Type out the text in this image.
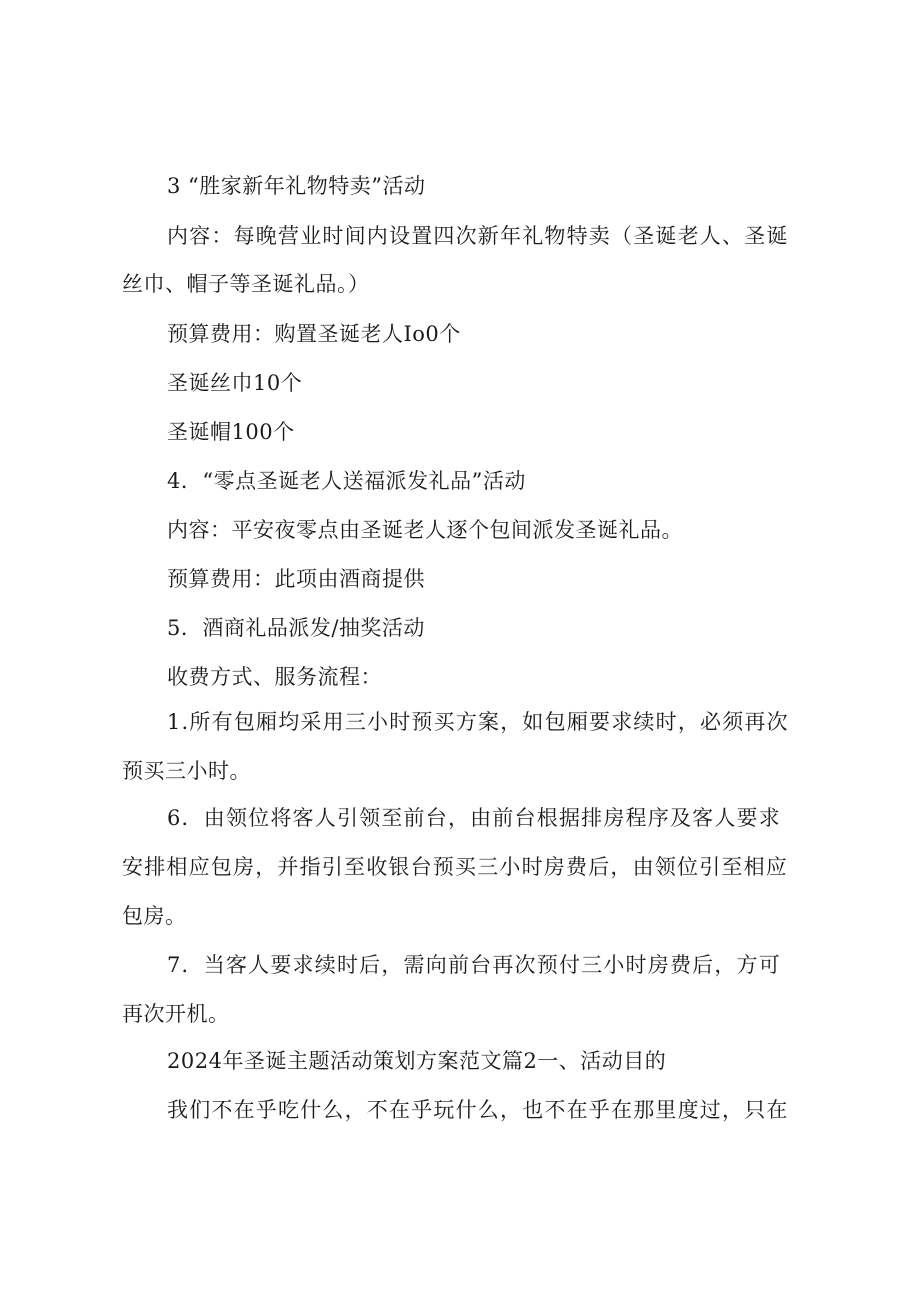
3 “胜家新年礼物特卖”活动

内容：每晚营业时间内设置四次新年礼物特卖（圣诞老人、圣诞

丝巾、帽子等圣诞礼品。）

预算费用：购置圣诞老人Io0个

圣诞丝巾10个

圣诞帽100个

4．“零点圣诞老人送福派发礼品”活动

内容：平安夜零点由圣诞老人逐个包间派发圣诞礼品。

预算费用：此项由酒商提供

5．酒商礼品派发/抽奖活动

收费方式、服务流程：

1.所有包厢均采用三小时预买方案，如包厢要求续时，必须再次

预买三小时。

6．由领位将客人引领至前台，由前台根据排房程序及客人要求

安排相应包房，并指引至收银台预买三小时房费后，由领位引至相应

包房。

7．当客人要求续时后，需向前台再次预付三小时房费后，方可

再次开机。

2024年圣诞主题活动策划方案范文篇2一、活动目的

我们不在乎吃什么，不在乎玩什么，也不在乎在那里度过，只在
